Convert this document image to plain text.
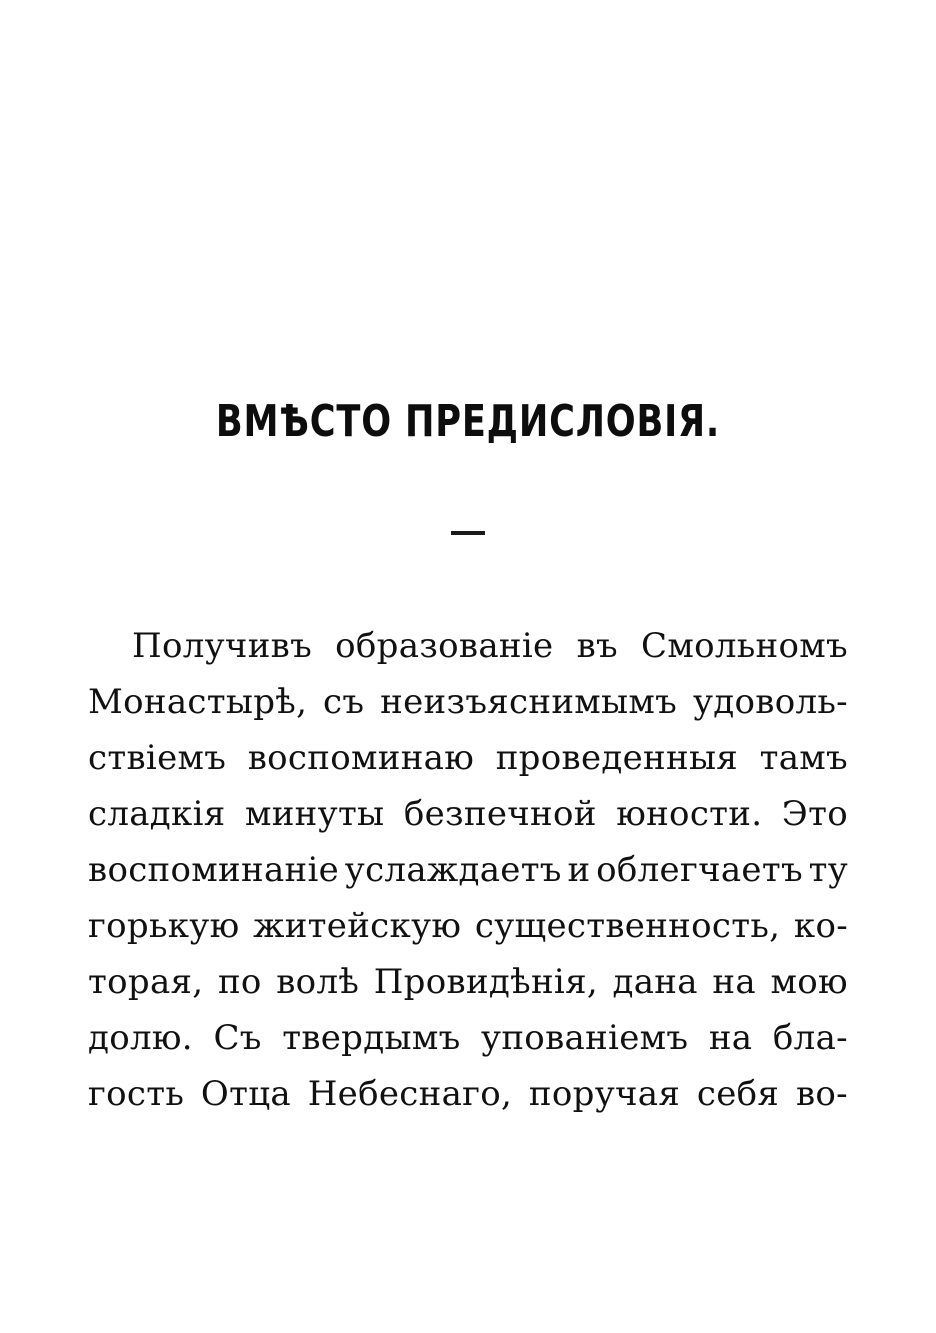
ВМѢСТО ПРЕДИСЛОВІЯ.
Получивъ образованіе въ Смольномъ
Монастырѣ, съ неизъяснимымъ удоволь-
ствіемъ воспоминаю проведенныя тамъ
сладкія минуты безпечной юности. Это
воспоминаніе услаждаетъ и облегчаетъ ту
горькую житейскую существенность, ко-
торая, по волѣ Провидѣнія, дана на мою
долю. Съ твердымъ упованіемъ на бла-
гость Отца Небеснаго, поручая себя во-
